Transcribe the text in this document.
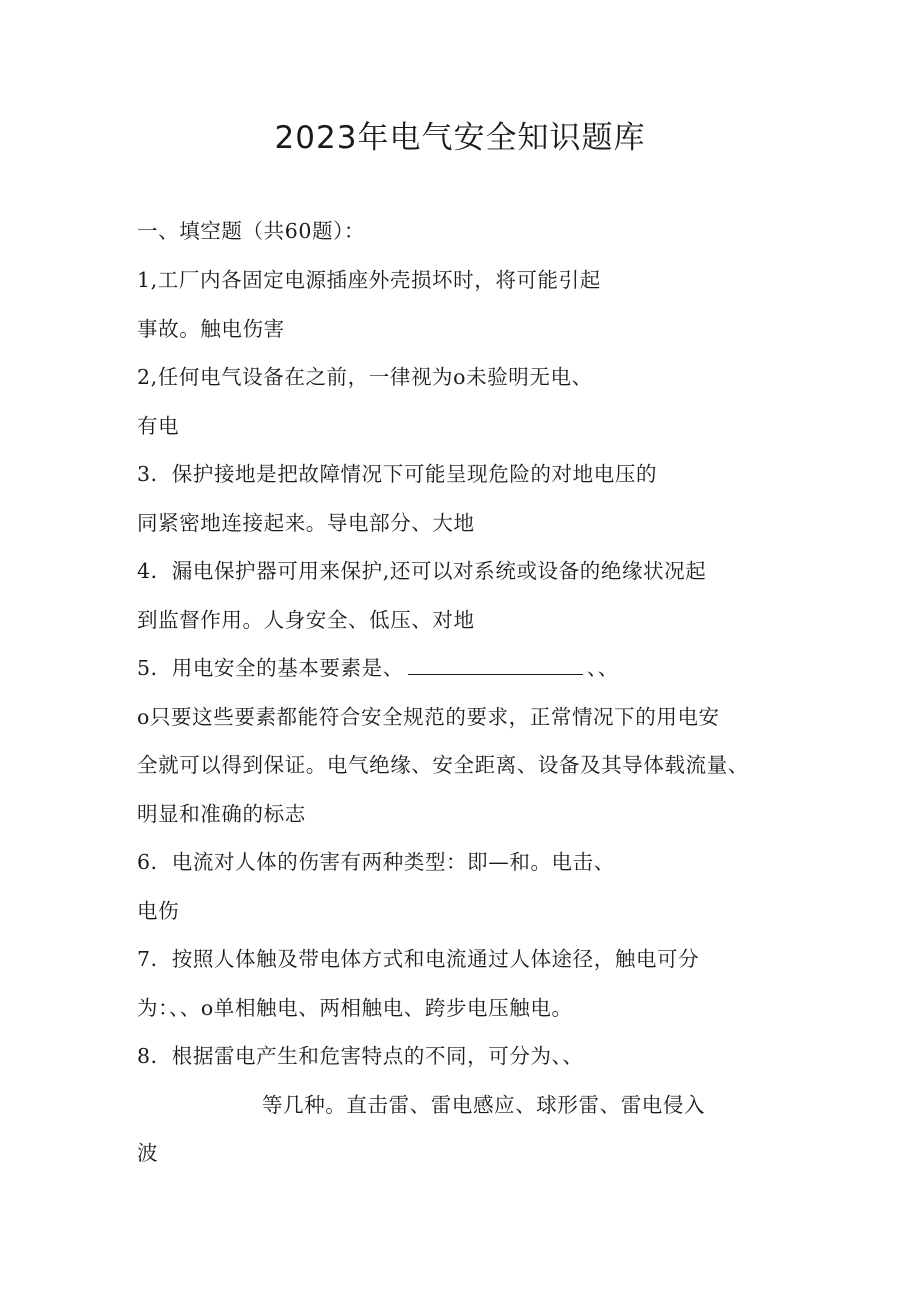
2023年电气安全知识题库
一、填空题（共60题）：
1,工厂内各固定电源插座外壳损坏时，将可能引起
事故。触电伤害
2,任何电气设备在之前，一律视为o未验明无电、
有电
3．保护接地是把故障情况下可能呈现危险的对地电压的
同紧密地连接起来。导电部分、大地
4．漏电保护器可用来保护,还可以对系统或设备的绝缘状况起
到监督作用。人身安全、低压、对地
5．用电安全的基本要素是、	、、
o只要这些要素都能符合安全规范的要求，正常情况下的用电安
全就可以得到保证。电气绝缘、安全距离、设备及其导体载流量、
明显和准确的标志
6．电流对人体的伤害有两种类型：即—和。电击、
电伤
7．按照人体触及带电体方式和电流通过人体途径，触电可分
为：、、o单相触电、两相触电、跨步电压触电。
8．根据雷电产生和危害特点的不同，可分为、、
等几种。直击雷、雷电感应、球形雷、雷电侵入
波
